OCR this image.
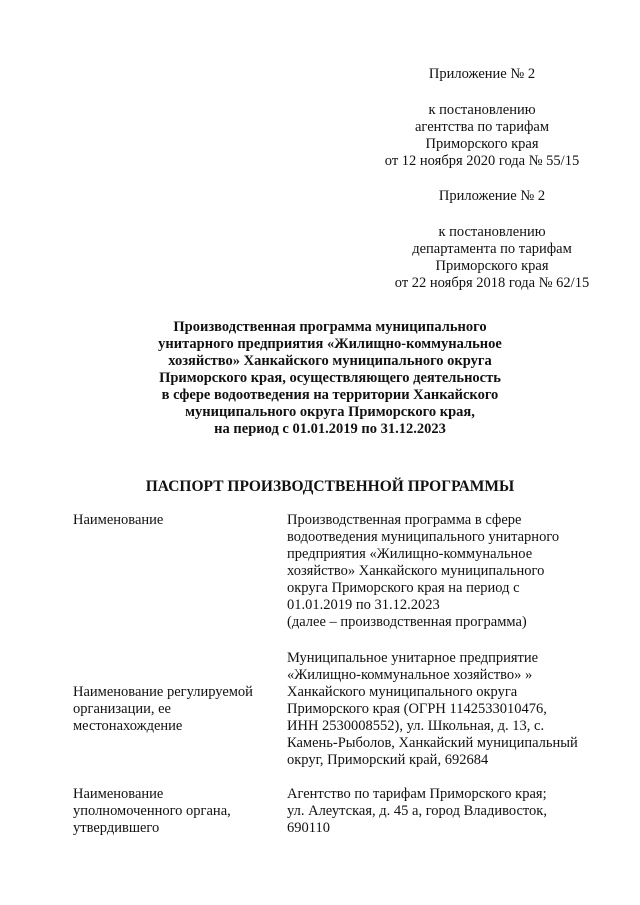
Приложение № 2
к постановлению
агентства по тарифам
Приморского края
от 12 ноября 2020 года № 55/15
Приложение № 2
к постановлению
департамента по тарифам
Приморского края
от 22 ноября 2018 года № 62/15
Производственная программа муниципального
унитарного предприятия «Жилищно-коммунальное
хозяйство» Ханкайского муниципального округа
Приморского края, осуществляющего деятельность
в сфере водоотведения на территории Ханкайского
муниципального округа Приморского края,
на период с 01.01.2019 по 31.12.2023
ПАСПОРТ ПРОИЗВОДСТВЕННОЙ ПРОГРАММЫ
Наименование	Производственная программа в сфере
водоотведения муниципального унитарного
предприятия «Жилищно-коммунальное
хозяйство» Ханкайского муниципального
округа Приморского края на период с
01.01.2019 по 31.12.2023
(далее – производственная программа)
Наименование регулируемой
организации, ее
местонахождение
Муниципальное унитарное предприятие
«Жилищно-коммунальное хозяйство» »
Ханкайского муниципального округа
Приморского края (ОГРН 1142533010476,
ИНН 2530008552), ул. Школьная, д. 13, с.
Камень-Рыболов, Ханкайский муниципальный
округ, Приморский край, 692684
Наименование
уполномоченного органа,
утвердившего
Агентство по тарифам Приморского края;
ул. Алеутская, д. 45 а, город Владивосток,
690110
